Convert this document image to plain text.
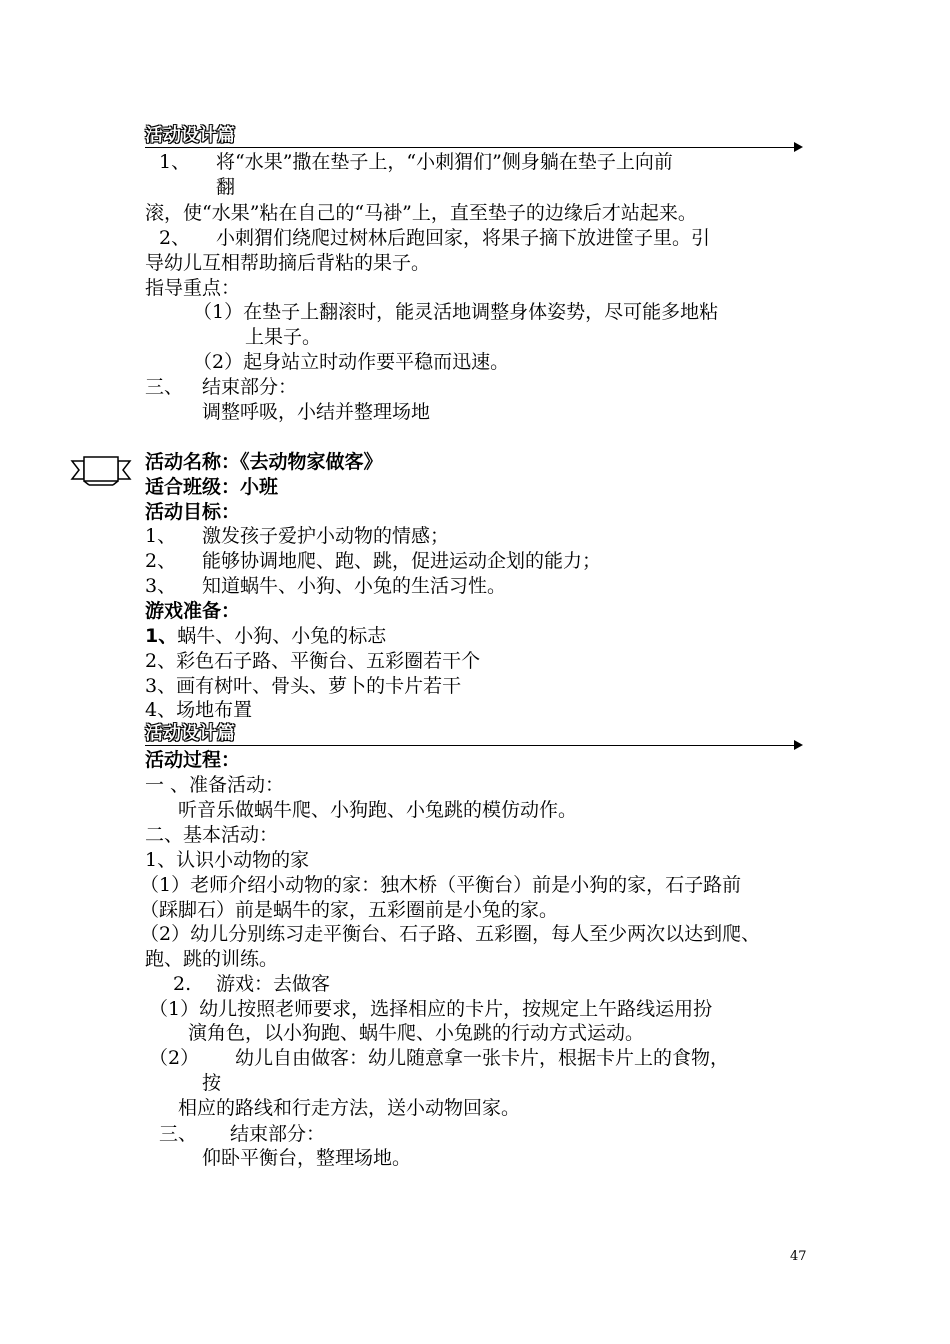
活动设计篇
1、 将“水果”撒在垫子上，“小刺猬们”侧身躺在垫子上向前
翻
滚，使“水果”粘在自己的“马褂”上，直至垫子的边缘后才站起来。
2、 小刺猬们绕爬过树林后跑回家，将果子摘下放进筐子里。引
导幼儿互相帮助摘后背粘的果子。
指导重点：
（1）在垫子上翻滚时，能灵活地调整身体姿势，尽可能多地粘
上果子。
（2）起身站立时动作要平稳而迅速。
三、 结束部分：
调整呼吸，小结并整理场地
活动名称：《去动物家做客》
适合班级：小班
活动目标：
1、 激发孩子爱护小动物的情感；
2、 能够协调地爬、跑、跳，促进运动企划的能力；
3、 知道蜗牛、小狗、小兔的生活习性。
游戏准备：
1、蜗牛、小狗、小兔的标志
2、彩色石子路、平衡台、五彩圈若干个
3、画有树叶、骨头、萝卜的卡片若干
4、场地布置
活动设计篇
活动过程：
一 、准备活动：
听音乐做蜗牛爬、小狗跑、小兔跳的模仿动作。
二、基本活动：
1、认识小动物的家
（1）老师介绍小动物的家：独木桥（平衡台）前是小狗的家，石子路前
（踩脚石）前是蜗牛的家，五彩圈前是小兔的家。
（2）幼儿分别练习走平衡台、石子路、五彩圈，每人至少两次以达到爬、
跑、跳的训练。
2. 游戏：去做客
（1）幼儿按照老师要求，选择相应的卡片，按规定上午路线运用扮
演角色，以小狗跑、蜗牛爬、小兔跳的行动方式运动。
（2） 幼儿自由做客：幼儿随意拿一张卡片，根据卡片上的食物，
按
相应的路线和行走方法，送小动物回家。
三、 结束部分：
仰卧平衡台，整理场地。
47
